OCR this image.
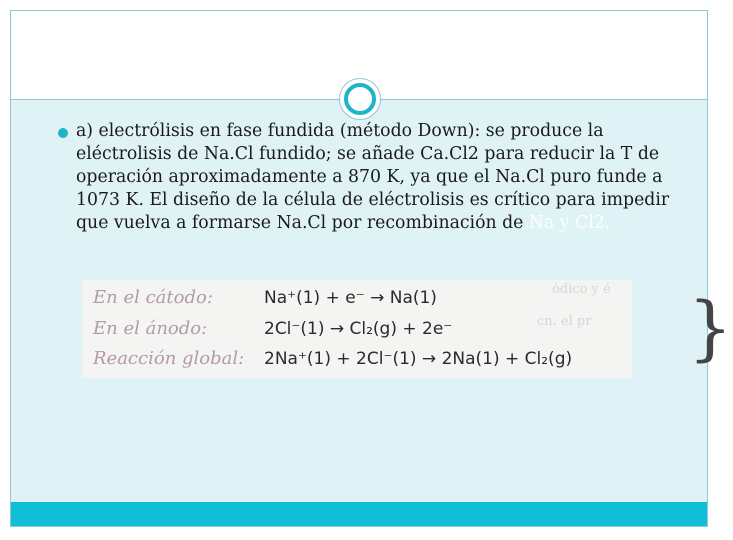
a) electrólisis en fase fundida (método Down): se produce la eléctrolisis de Na.Cl fundido; se añade Ca.Cl2 para reducir la T de operación aproximadamente a 870 K, ya que el Na.Cl puro funde a 1073 K. El diseño de la célula de eléctrolisis es crítico para impedir que vuelva a formarse Na.Cl por recombinación de Na y Cl2.
ódico y é
cn. el pr
En el cátodo:	Na⁺(1) + e⁻ → Na(1)
En el ánodo:	2Cl⁻(1) → Cl₂(g) + 2e⁻
Reacción global: 2Na⁺(1) + 2Cl⁻(1) → 2Na(1) + Cl₂(g) }
